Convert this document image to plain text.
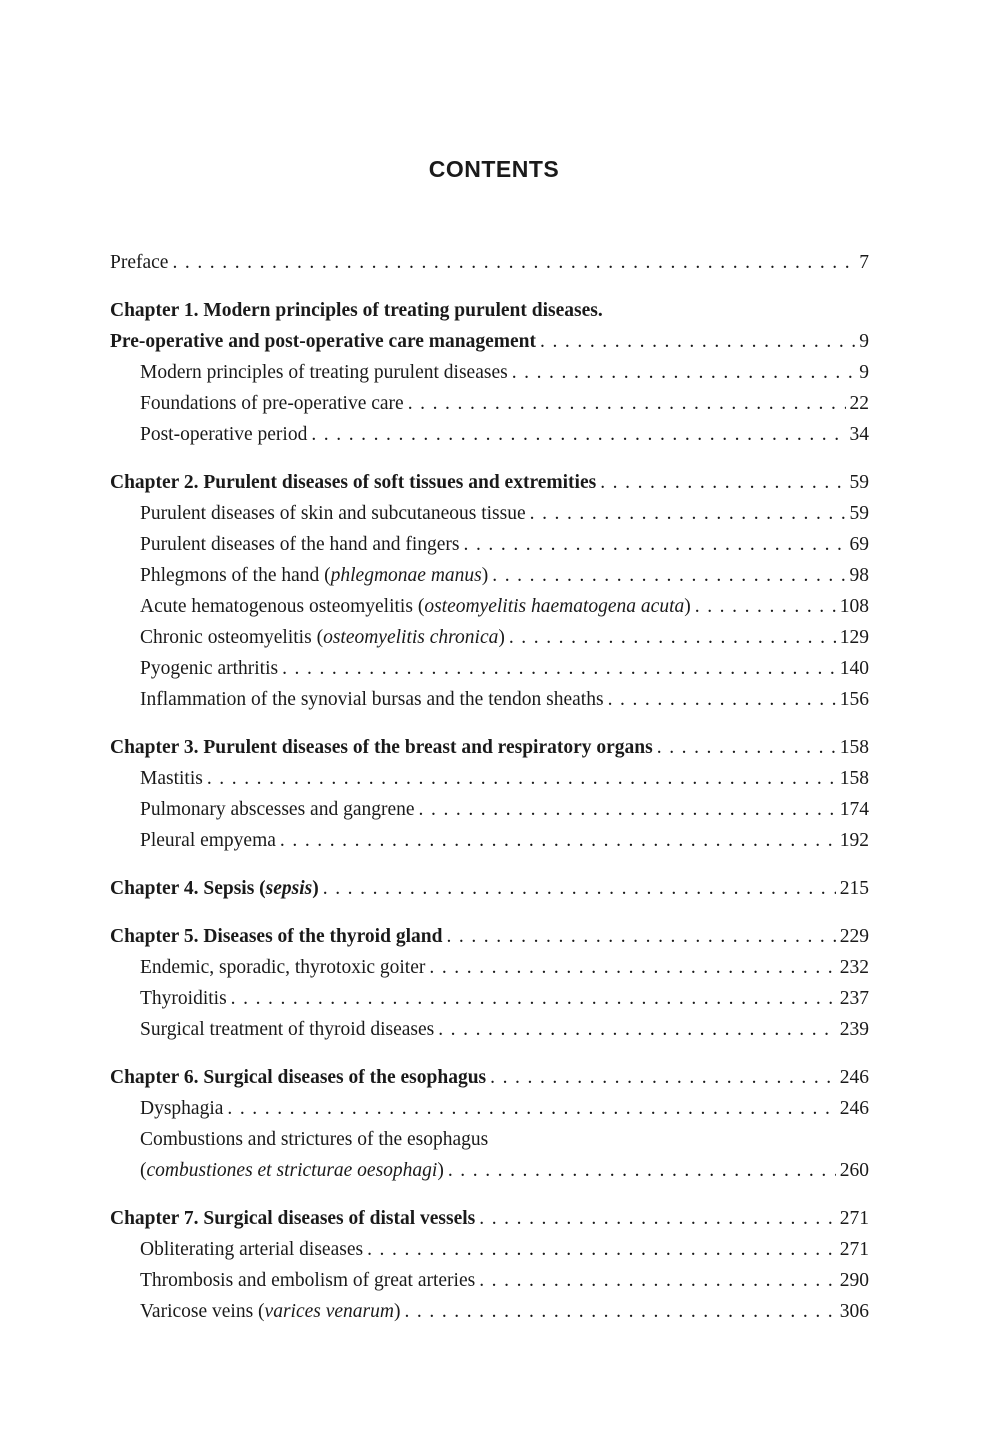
CONTENTS
Preface . . .	7
Chapter 1. Modern principles of treating purulent diseases.
Pre-operative and post-operative care management . . .	9
Modern principles of treating purulent diseases . . .	9
Foundations of pre-operative care . . .	22
Post-operative period . . .	34
Chapter 2. Purulent diseases of soft tissues and extremities . . .	59
Purulent diseases of skin and subcutaneous tissue . . .	59
Purulent diseases of the hand and fingers . . .	69
Phlegmons of the hand (phlegmonae manus) . . .	98
Acute hematogenous osteomyelitis (osteomyelitis haematogena acuta) . . .	108
Chronic osteomyelitis (osteomyelitis chronica) . . .	129
Pyogenic arthritis . . .	140
Inflammation of the synovial bursas and the tendon sheaths . . .	156
Chapter 3. Purulent diseases of the breast and respiratory organs . . .	158
Mastitis . . .	158
Pulmonary abscesses and gangrene . . .	174
Pleural empyema . . .	192
Chapter 4. Sepsis (sepsis) . . .	215
Chapter 5. Diseases of the thyroid gland . . .	229
Endemic, sporadic, thyrotoxic goiter . . .	232
Thyroiditis . . .	237
Surgical treatment of thyroid diseases . . .	239
Chapter 6. Surgical diseases of the esophagus . . .	246
Dysphagia . . .	246
Combustions and strictures of the esophagus
(combustiones et stricturae oesophagi) . . .	260
Chapter 7. Surgical diseases of distal vessels . . .	271
Obliterating arterial diseases . . .	271
Thrombosis and embolism of great arteries . . .	290
Varicose veins (varices venarum) . . .	306
